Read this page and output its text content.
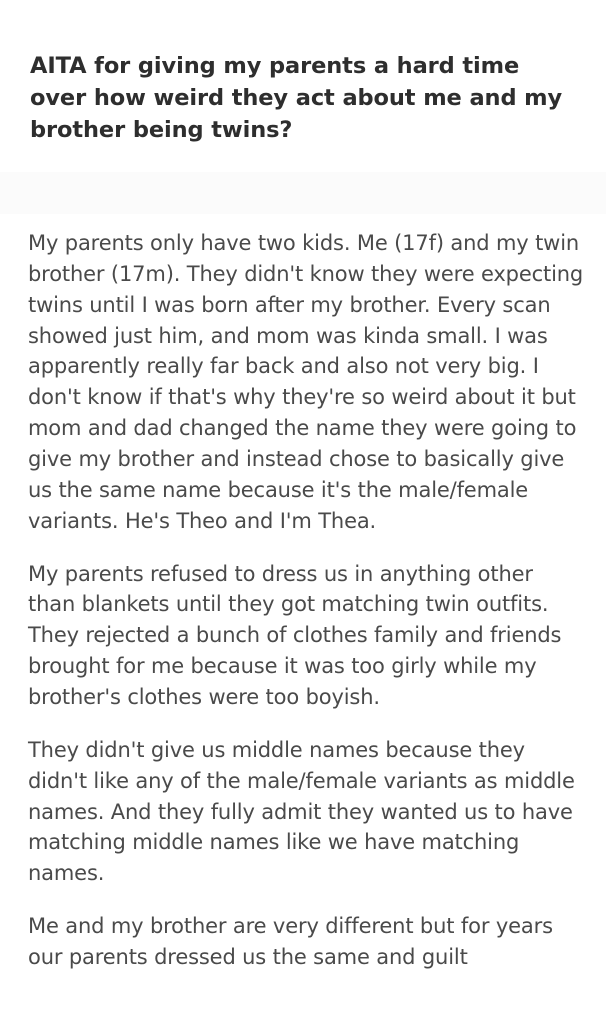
AITA for giving my parents a hard time over how weird they act about me and my brother being twins?

My parents only have two kids. Me (17f) and my twin brother (17m). They didn't know they were expecting twins until I was born after my brother. Every scan showed just him, and mom was kinda small. I was apparently really far back and also not very big. I don't know if that's why they're so weird about it but mom and dad changed the name they were going to give my brother and instead chose to basically give us the same name because it's the male/female variants. He's Theo and I'm Thea.

My parents refused to dress us in anything other than blankets until they got matching twin outfits. They rejected a bunch of clothes family and friends brought for me because it was too girly while my brother's clothes were too boyish.

They didn't give us middle names because they didn't like any of the male/female variants as middle names. And they fully admit they wanted us to have matching middle names like we have matching names.

Me and my brother are very different but for years our parents dressed us the same and guilt
